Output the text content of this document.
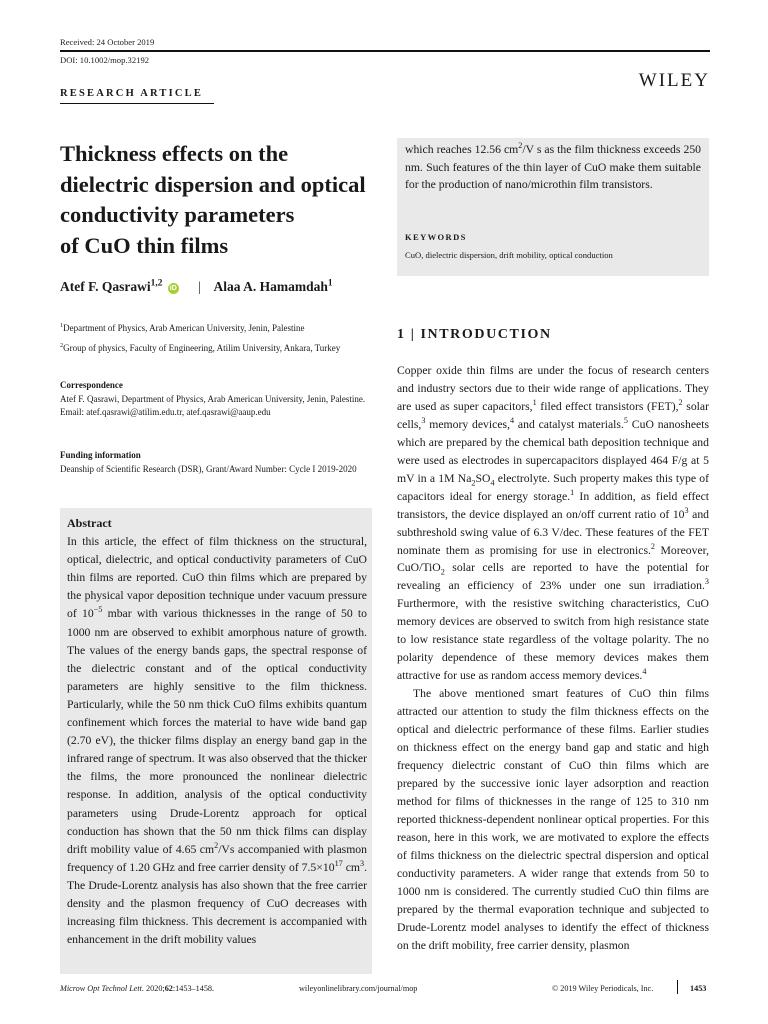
Received: 24 October 2019
DOI: 10.1002/mop.32192
WILEY
RESEARCH ARTICLE
Thickness effects on the
dielectric dispersion and optical
conductivity parameters
of CuO thin films
Atef F. Qasrawi$^{1,2}$ iD | Alaa A. Hamamdah$^1$
$^1$Department of Physics, Arab American University, Jenin, Palestine
$^2$Group of physics, Faculty of Engineering, Atilim University, Ankara, Turkey
Correspondence
Atef F. Qasrawi, Department of Physics, Arab American University, Jenin, Palestine.
Email: atef.qasrawi@atilim.edu.tr, atef.qasrawi@aaup.edu
Funding information
Deanship of Scientific Research (DSR), Grant/Award Number: Cycle I 2019-2020
Abstract
In this article, the effect of film thickness on the structural, optical, dielectric, and optical conductivity parameters of CuO thin films are reported. CuO thin films which are prepared by the physical vapor deposition technique under vacuum pressure of $10^{-5}$ mbar with various thicknesses in the range of 50 to 1000 nm are observed to exhibit amorphous nature of growth. The values of the energy bands gaps, the spectral response of the dielectric constant and of the optical conductivity parameters are highly sensitive to the film thickness. Particularly, while the 50 nm thick CuO films exhibits quantum confinement which forces the material to have wide band gap (2.70 eV), the thicker films display an energy band gap in the infrared range of spectrum. It was also observed that the thicker the films, the more pronounced the nonlinear dielectric response. In addition, analysis of the optical conductivity parameters using Drude-Lorentz approach for optical conduction has shown that the 50 nm thick films can display drift mobility value of 4.65 $cm^2/Vs$ accompanied with plasmon frequency of 1.20 GHz and free carrier density of $7.5\times 10^{17}$ $cm^3$. The Drude-Lorentz analysis has also shown that the free carrier density and the plasmon frequency of CuO decreases with increasing film thickness. This decrement is accompanied with enhancement in the drift mobility values
which reaches 12.56 $cm^2/V$ s as the film thickness exceeds 250 nm. Such features of the thin layer of CuO make them suitable for the production of nano/microthin film transistors.
KEYWORDS
CuO, dielectric dispersion, drift mobility, optical conduction
1 | INTRODUCTION

Copper oxide thin films are under the focus of research centers and industry sectors due to their wide range of applications. They are used as super capacitors,$^1$ filed effect transistors (FET),$^2$ solar cells,$^3$ memory devices,$^4$ and catalyst materials.$^5$ CuO nanosheets which are prepared by the chemical bath deposition technique and were used as electrodes in supercapacitors displayed 464 F/g at 5 mV in a 1M $Na_2SO_4$ electrolyte. Such property makes this type of capacitors ideal for energy storage.$^1$ In addition, as field effect transistors, the device displayed an on/off current ratio of $10^3$ and subthreshold swing value of 6.3 V/dec. These features of the FET nominate them as promising for use in electronics.$^2$ Moreover, CuO/TiO$_2$ solar cells are reported to have the potential for revealing an efficiency of 23% under one sun irradiation.$^3$ Furthermore, with the resistive switching characteristics, CuO memory devices are observed to switch from high resistance state to low resistance state regardless of the voltage polarity. The no polarity dependence of these memory devices makes them attractive for use as random access memory devices.$^4$

The above mentioned smart features of CuO thin films attracted our attention to study the film thickness effects on the optical and dielectric performance of these films. Earlier studies on thickness effect on the energy band gap and static and high frequency dielectric constant of CuO thin films which are prepared by the successive ionic layer adsorption and reaction method for films of thicknesses in the range of 125 to 310 nm reported thickness-dependent nonlinear optical properties. For this reason, here in this work, we are motivated to explore the effects of films thickness on the dielectric spectral dispersion and optical conductivity parameters. A wider range that extends from 50 to 1000 nm is considered. The currently studied CuO thin films are prepared by the thermal evaporation technique and subjected to Drude-Lorentz model analyses to identify the effect of thickness on the drift mobility, free carrier density, plasmon

Microw Opt Technol Lett. 2020;62:1453–1458.	wileyonlinelibrary.com/journal/mop	© 2019 Wiley Periodicals, Inc.	1453
